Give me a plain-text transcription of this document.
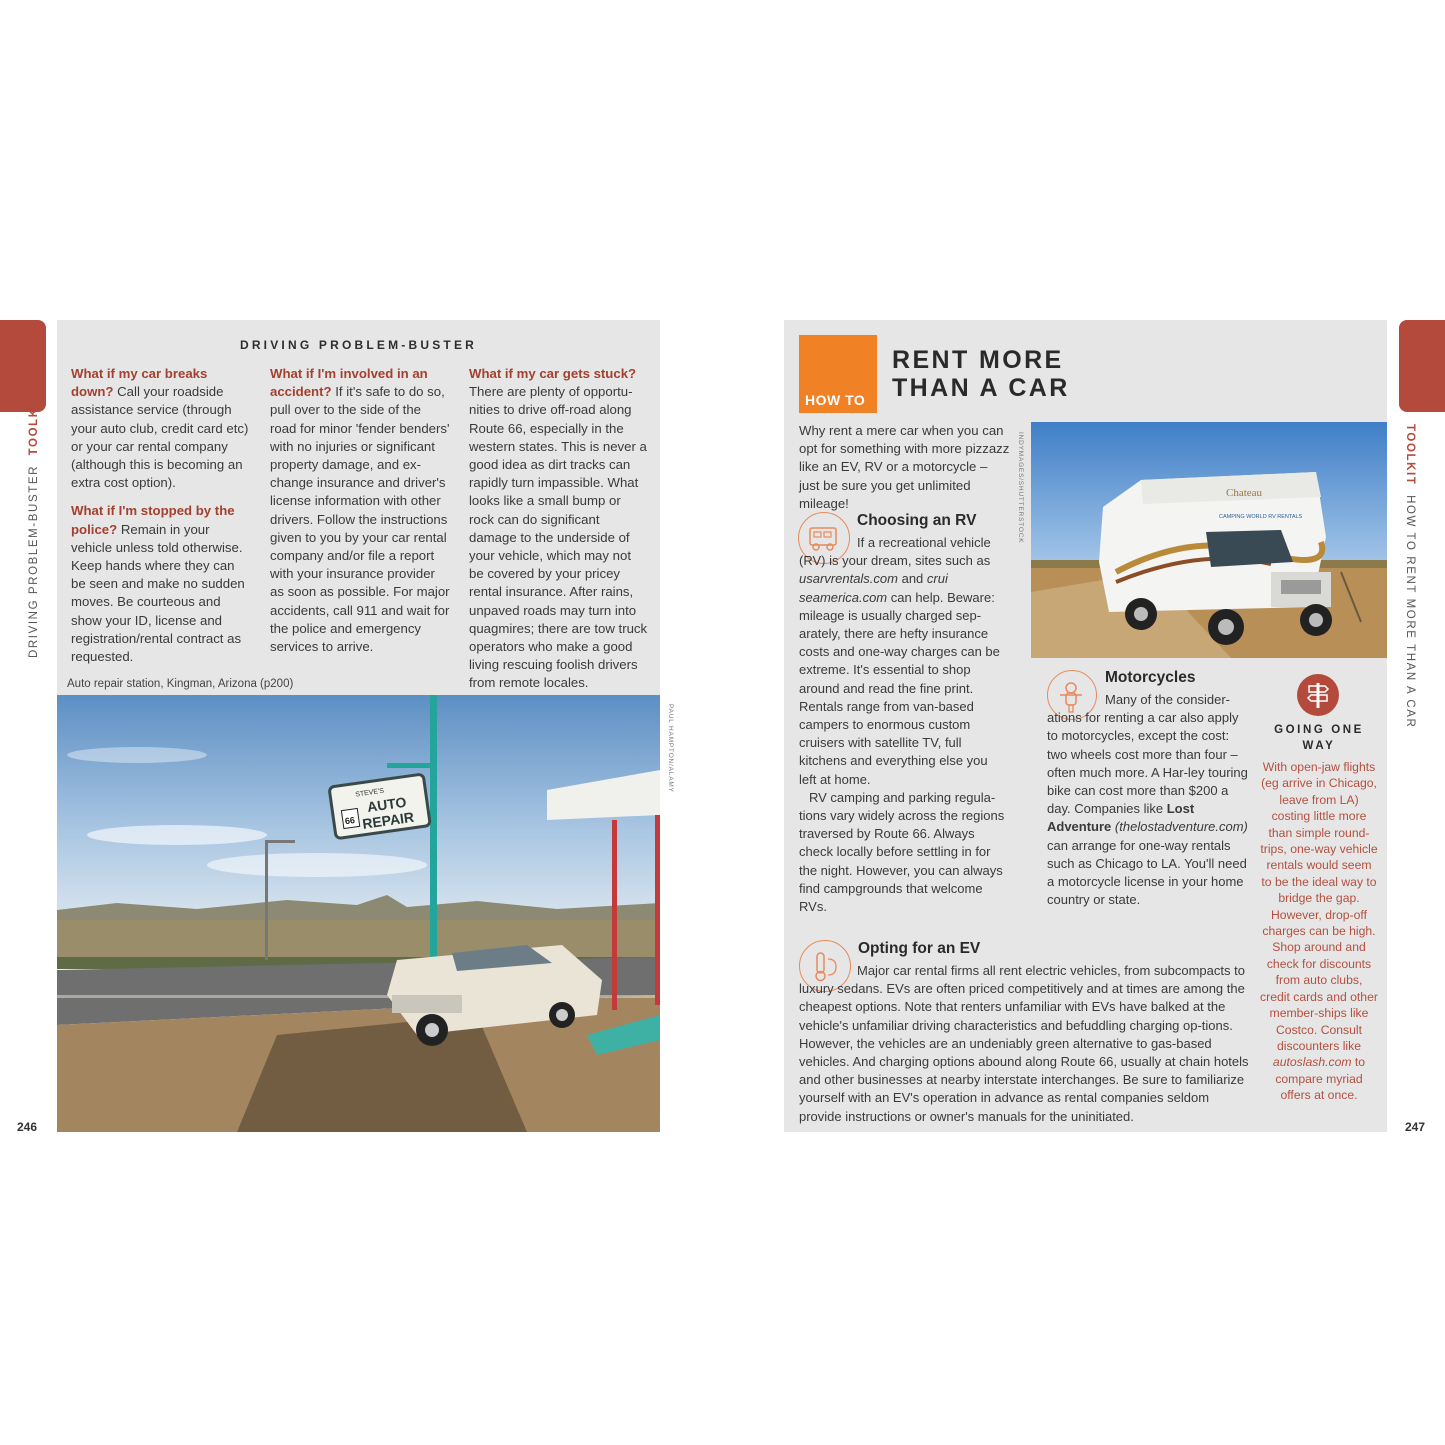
DRIVING PROBLEM-BUSTER  TOOLKIT	TOOLKIT  HOW TO RENT MORE THAN A CAR
246	247
DRIVING PROBLEM-BUSTER

What if my car breaks down? Call your roadside assistance service (through your auto club, credit card etc) or your car rental company (although this is becoming an extra cost option).

What if I'm stopped by the police? Remain in your vehicle unless told otherwise. Keep hands where they can be seen and make no sudden moves. Be courteous and show your ID, license and registration/rental contract as requested.

What if I'm involved in an accident? If it's safe to do so, pull over to the side of the road for minor 'fender benders' with no injuries or significant property damage, and ex-change insurance and driver's license information with other drivers. Follow the instructions given to you by your car rental company and/or file a report with your insurance provider as soon as possible. For major accidents, call 911 and wait for the police and emergency services to arrive.

What if my car gets stuck? There are plenty of opportu-nities to drive off-road along Route 66, especially in the western states. This is never a good idea as dirt tracks can rapidly turn impassible. What looks like a small bump or rock can do significant damage to the underside of your vehicle, which may not be covered by your pricey rental insurance. After rains, unpaved roads may turn into quagmires; there are tow truck operators who make a good living rescuing foolish drivers from remote locales.

Auto repair station, Kingman, Arizona (p200)
PAUL HAMPTON/ALAMY
STEVE'S
66
AUTO
REPAIR
HOW TO
RENT MORE
THAN A CAR
Why rent a mere car when you can opt for something with more pizzazz like an EV, RV or a motorcycle – just be sure you get unlimited mileage!	INDYMAGES/SHUTTERSTOCK	Chateau
CAMPING WORLD RV RENTALS
Choosing an RV

If a recreational vehicle (RV) is your dream, sites such as usarvrentals.com and crui seamerica.com can help. Beware: mileage is usually charged sep-arately, there are hefty insurance costs and one-way charges can be extreme. It's essential to shop around and read the fine print. Rentals range from van-based campers to enormous custom cruisers with satellite TV, full kitchens and everything else you left at home.

RV camping and parking regula-tions vary widely across the regions traversed by Route 66. Always check locally before settling in for the night. However, you can always find campgrounds that welcome RVs.

Motorcycles

Many of the consider-ations for renting a car also apply to motorcycles, except the cost: two wheels cost more than four – often much more. A Har-ley touring bike can cost more than $200 a day. Companies like Lost Adventure (thelostadventure.com) can arrange for one-way rentals such as Chicago to LA. You'll need a motorcycle license in your home country or state.

GOING ONE WAY
With open-jaw flights (eg arrive in Chicago, leave from LA) costing little more than simple round-trips, one-way vehicle rentals would seem to be the ideal way to bridge the gap. However, drop-off charges can be high. Shop around and check for discounts from auto clubs, credit cards and other member-ships like Costco. Consult discounters like autoslash.com to compare myriad offers at once.
Opting for an EV

Major car rental firms all rent electric vehicles, from subcompacts to luxury sedans. EVs are often priced competitively and at times are among the cheapest options. Note that renters unfamiliar with EVs have balked at the vehicle's unfamiliar driving characteristics and befuddling charging op-tions. However, the vehicles are an undeniably green alternative to gas-based vehicles. And charging options abound along Route 66, usually at chain hotels and other businesses at nearby interstate interchanges. Be sure to familiarize yourself with an EV's operation in advance as rental companies seldom provide instructions or owner's manuals for the uninitiated.
